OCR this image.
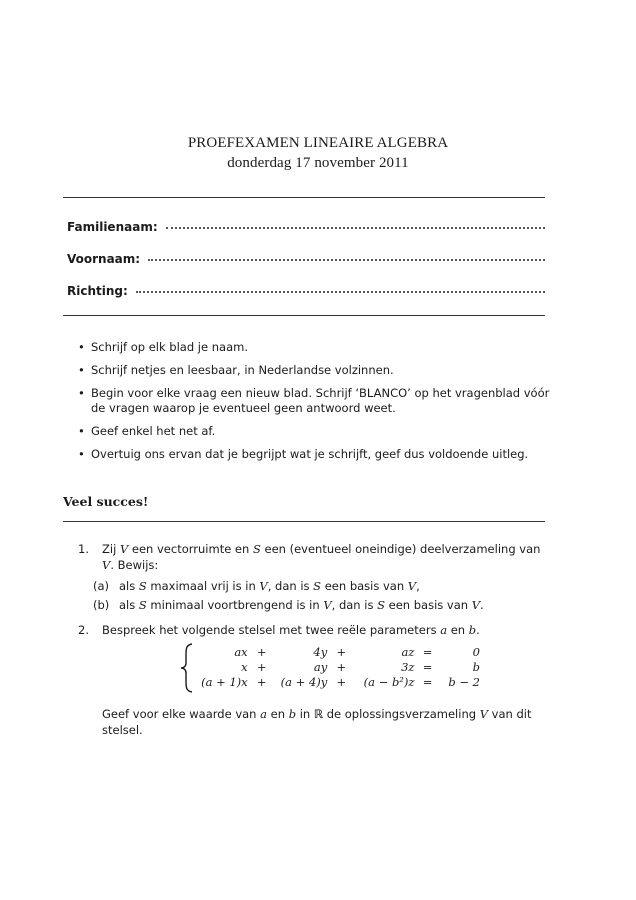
PROEFEXAMEN LINEAIRE ALGEBRA
donderdag 17 november 2011
Familienaam:
Voornaam:
Richting:
• Schrijf op elk blad je naam.
• Schrijf netjes en leesbaar, in Nederlandse volzinnen.
• Begin voor elke vraag een nieuw blad. Schrijf ‘BLANCO’ op het vragenblad vóór de vragen waarop je eventueel geen antwoord weet.
• Geef enkel het net af.
• Overtuig ons ervan dat je begrijpt wat je schrijft, geef dus voldoende uitleg.
Veel succes!
1. Zij V een vectorruimte en S een (eventueel oneindige) deelverzameling van V. Bewijs:
(a) als S maximaal vrij is in V, dan is S een basis van V,
(b) als S minimaal voortbrengend is in V, dan is S een basis van V.
2. Bespreek het volgende stelsel met twee reële parameters a en b.
ax	+	4y	+	az	=	0
x	+	ay	+	3z	=	b
(a + 1)x	+	(a + 4)y	+	(a − b²)z	=	b − 2
Geef voor elke waarde van a en b in ℝ de oplossingsverzameling V van dit stelsel.
